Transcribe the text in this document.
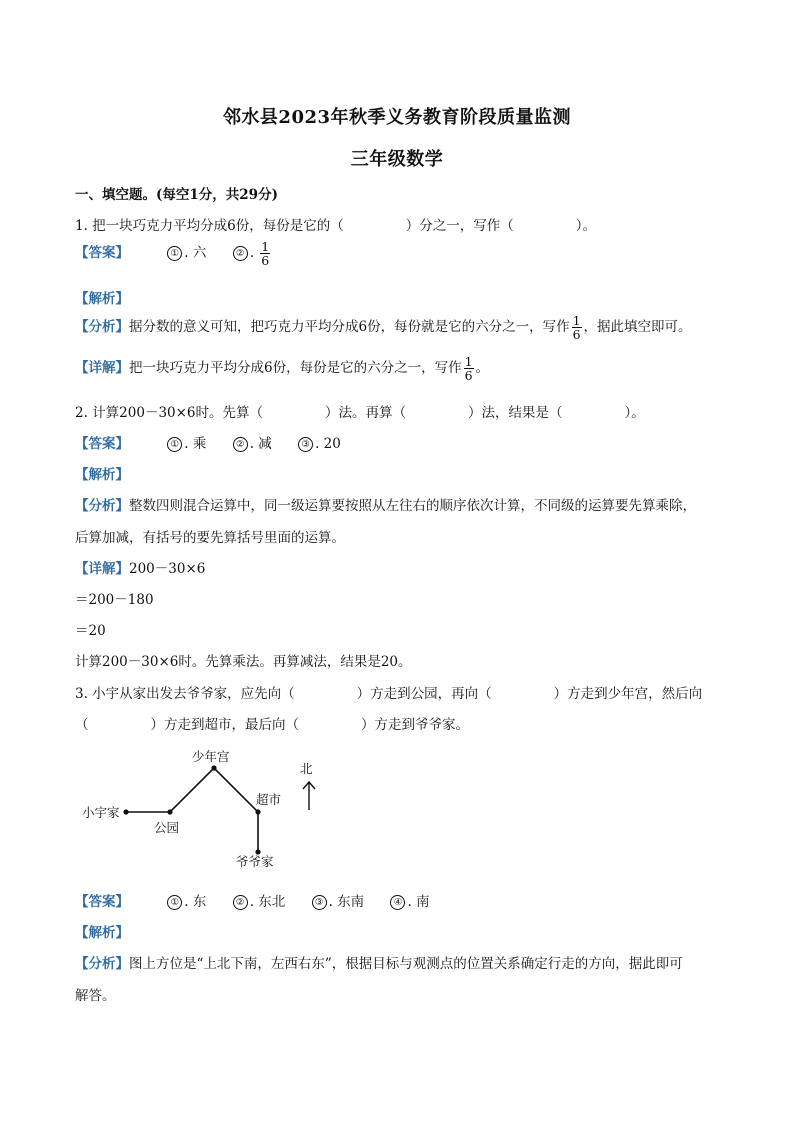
邻水县2023年秋季义务教育阶段质量监测
三年级数学
一、填空题。(每空1分，共29分)
1. 把一块巧克力平均分成6份，每份是它的（	）分之一，写作（	）。
【答案】	① . 六	② . $\frac{1}{6}$
【解析】
【分析】据分数的意义可知，把巧克力平均分成6份，每份就是它的六分之一，写作 $\frac{1}{6}$ ，据此填空即可。
【详解】把一块巧克力平均分成6份，每份是它的六分之一，写作 $\frac{1}{6}$ 。
2. 计算200－30×6时。先算（	）法。再算（	）法，结果是（	）。
【答案】	① . 乘	② . 减	③ . 20
【解析】
【分析】整数四则混合运算中，同一级运算要按照从左往右的顺序依次计算，不同级的运算要先算乘除，
后算加减，有括号的要先算括号里面的运算。
【详解】200－30×6
＝200－180
＝20
计算200－30×6时。先算乘法。再算减法，结果是20。
3. 小宇从家出发去爷爷家，应先向（	）方走到公园，再向（	）方走到少年宫，然后向
（	）方走到超市，最后向（	）方走到爷爷家。
小宇家
公园
少年宫
超市
爷爷家
北
【答案】	① . 东	② . 东北	③ . 东南	④ . 南
【解析】
【分析】图上方位是“上北下南，左西右东”，根据目标与观测点的位置关系确定行走的方向，据此即可
解答。
